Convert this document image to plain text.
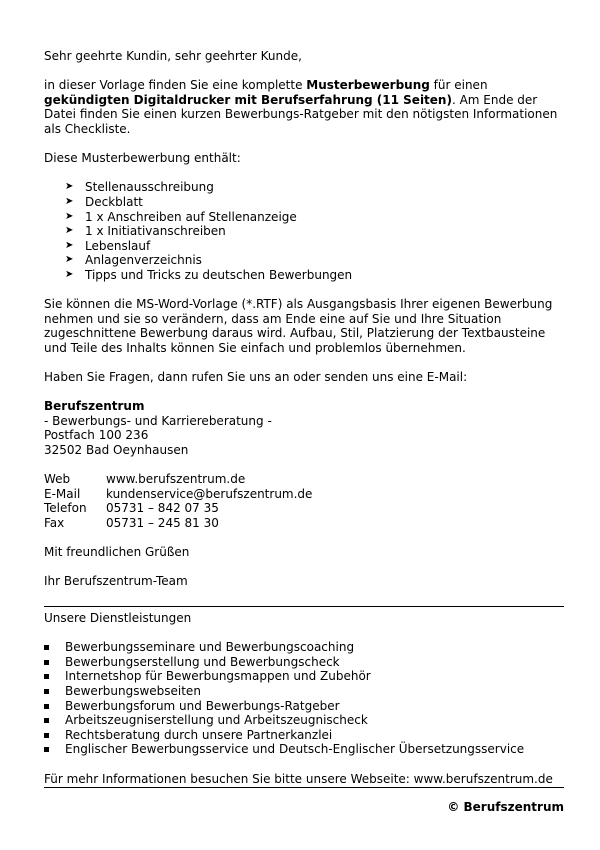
Sehr geehrte Kundin, sehr geehrter Kunde,

in dieser Vorlage finden Sie eine komplette Musterbewerbung für einen gekündigten Digitaldrucker mit Berufserfahrung (11 Seiten). Am Ende der Datei finden Sie einen kurzen Bewerbungs-Ratgeber mit den nötigsten Informationen als Checkliste.

Diese Musterbewerbung enthält:

➤ Stellenausschreibung
➤ Deckblatt
➤ 1 x Anschreiben auf Stellenanzeige
➤ 1 x Initiativanschreiben
➤ Lebenslauf
➤ Anlagenverzeichnis
➤ Tipps und Tricks zu deutschen Bewerbungen

Sie können die MS-Word-Vorlage (*.RTF) als Ausgangsbasis Ihrer eigenen Bewerbung nehmen und sie so verändern, dass am Ende eine auf Sie und Ihre Situation zugeschnittene Bewerbung daraus wird. Aufbau, Stil, Platzierung der Textbausteine und Teile des Inhalts können Sie einfach und problemlos übernehmen.

Haben Sie Fragen, dann rufen Sie uns an oder senden uns eine E-Mail:

Berufszentrum

- Bewerbungs- und Karriereberatung -

Postfach 100 236

32502 Bad Oeynhausen

Web	www.berufszentrum.de
E-Mail	kundenservice@berufszentrum.de
Telefon	05731 – 842 07 35
Fax	05731 – 245 81 30

Mit freundlichen Grüßen

Ihr Berufszentrum-Team

Unsere Dienstleistungen

Bewerbungsseminare und Bewerbungscoaching
Bewerbungserstellung und Bewerbungscheck
Internetshop für Bewerbungsmappen und Zubehör
Bewerbungswebseiten
Bewerbungsforum und Bewerbungs-Ratgeber
Arbeitszeugniserstellung und Arbeitszeugnischeck
Rechtsberatung durch unsere Partnerkanzlei
Englischer Bewerbungsservice und Deutsch-Englischer Übersetzungsservice

Für mehr Informationen besuchen Sie bitte unsere Webseite: www.berufszentrum.de

© Berufszentrum
